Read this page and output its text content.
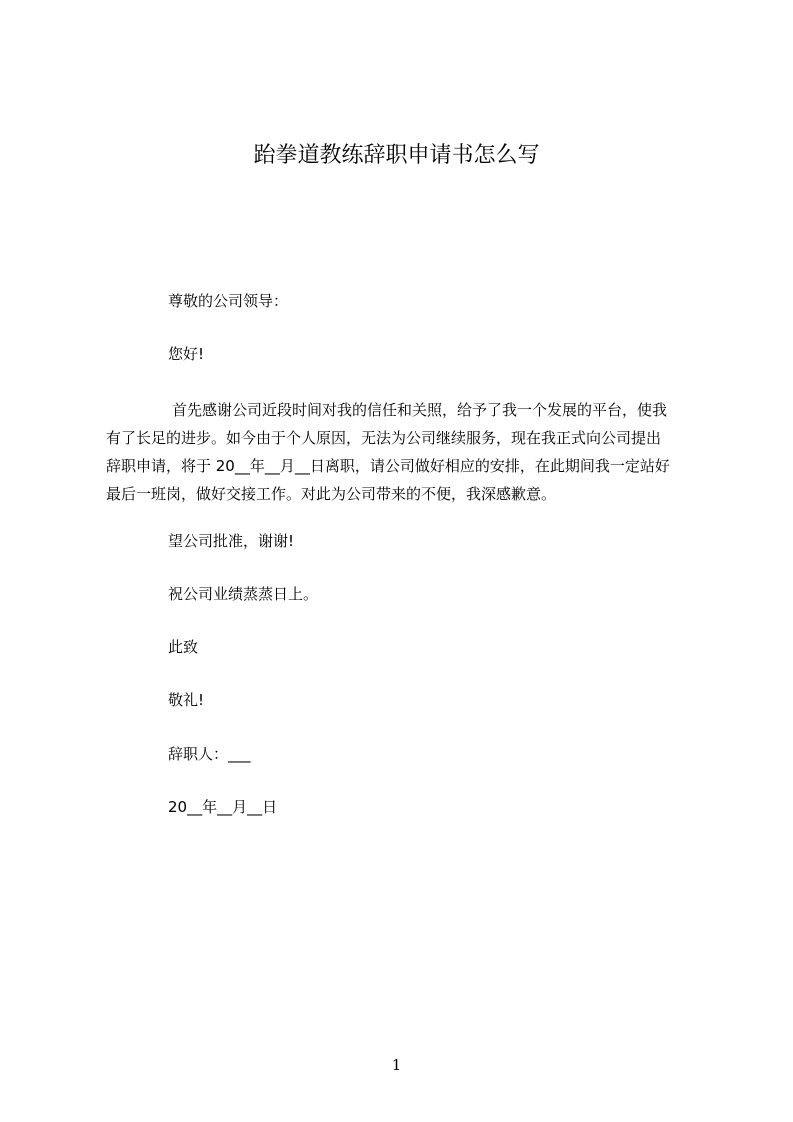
跆拳道教练辞职申请书怎么写
尊敬的公司领导：
您好!
首先感谢公司近段时间对我的信任和关照，给予了我一个发展的平台，使我
有了长足的进步。如今由于个人原因，无法为公司继续服务，现在我正式向公司提出
辞职申请，将于 20__年__月__日离职，请公司做好相应的安排，在此期间我一定站好
最后一班岗，做好交接工作。对此为公司带来的不便，我深感歉意。
望公司批准，谢谢!
祝公司业绩蒸蒸日上。
此致
敬礼!
辞职人：___
20__年__月__日
1
